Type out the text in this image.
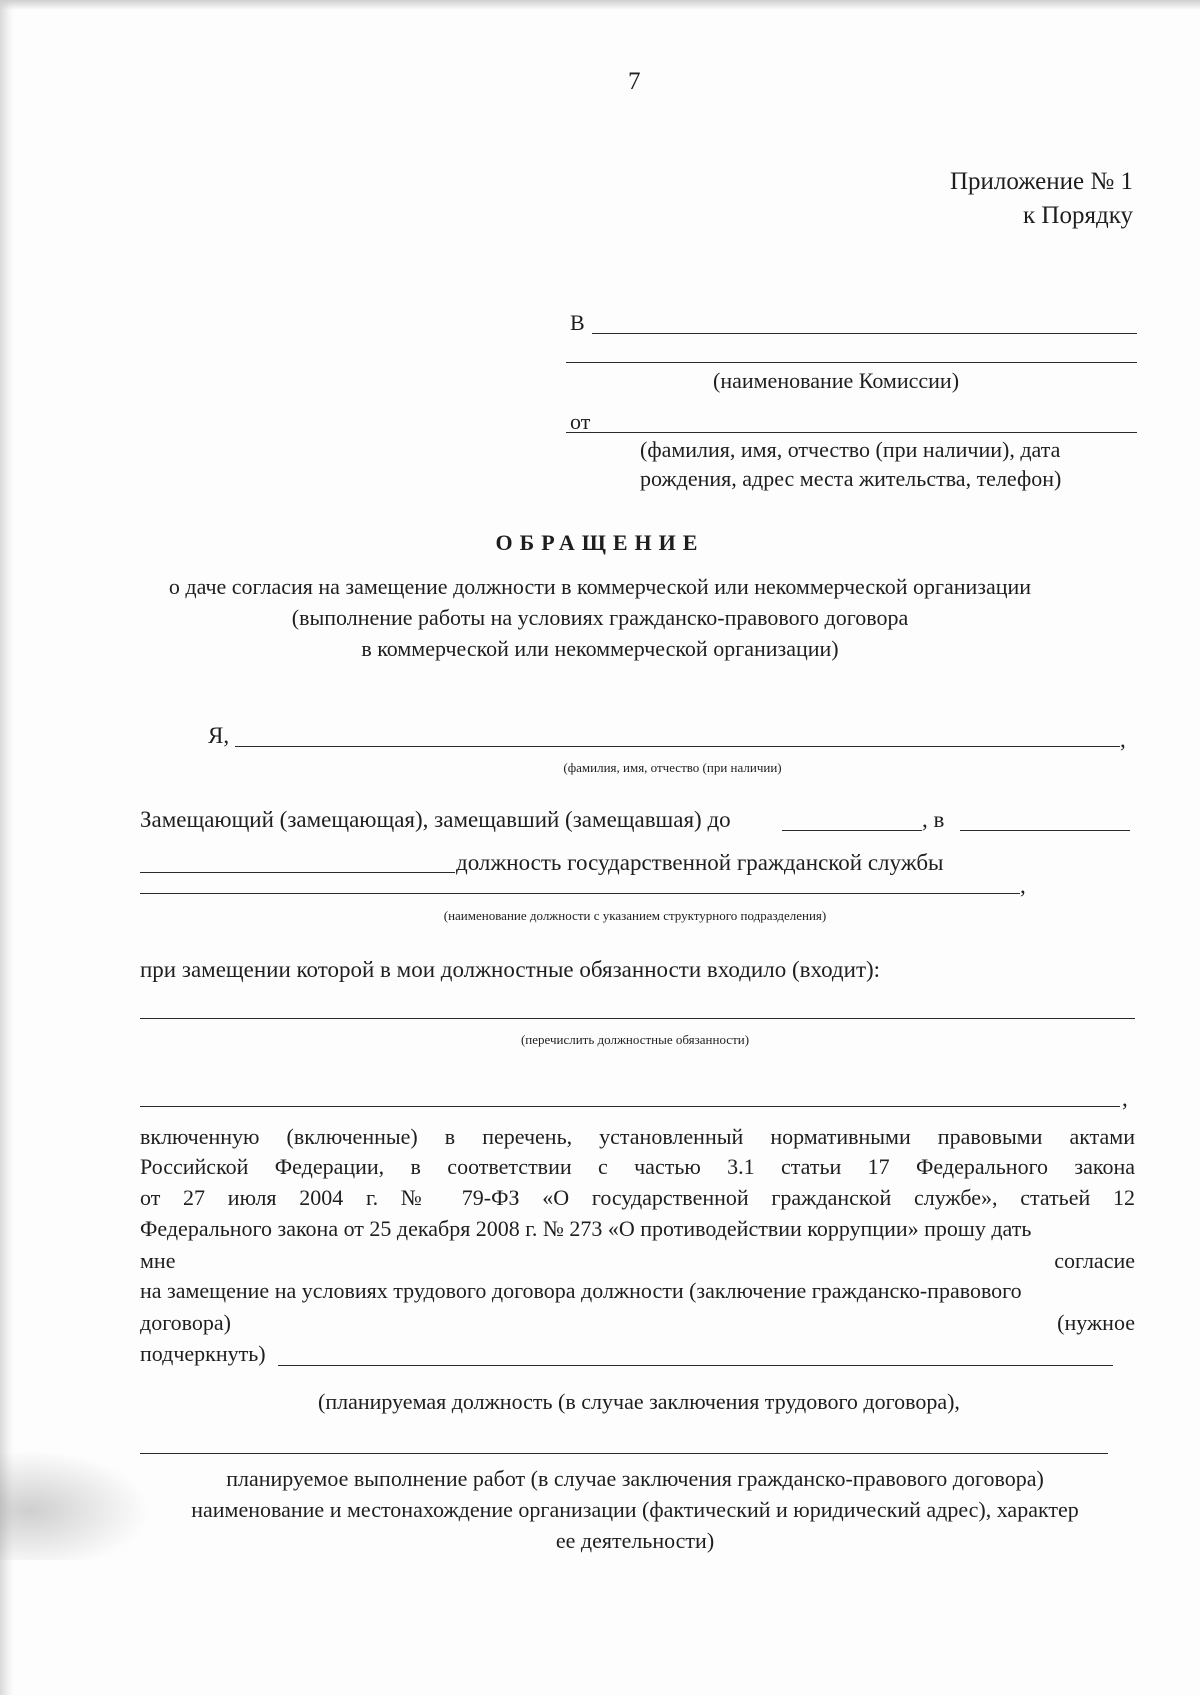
7
Приложение № 1
к Порядку
В
(наименование Комиссии)
от
(фамилия, имя, отчество (при наличии), дата
рождения, адрес места жительства, телефон)
ОБРАЩЕНИЕ
о даче согласия на замещение должности в коммерческой или некоммерческой организации
(выполнение работы на условиях гражданско-правового договора
в коммерческой или некоммерческой организации)
Я,	,
(фамилия, имя, отчество (при наличии)
Замещающий (замещающая), замещавший (замещавшая) до	, в
должность государственной гражданской службы
,
(наименование должности с указанием структурного подразделения)
при замещении которой в мои должностные обязанности входило (входит):
(перечислить должностные обязанности)
,
включенную (включенные) в перечень, установленный нормативными правовыми актами
Российской Федерации, в соответствии с частью 3.1 статьи 17 Федерального закона
от 27 июля 2004 г. № 79-ФЗ «О государственной гражданской службе», статьей 12
Федерального закона от 25 декабря 2008 г. № 273 «О противодействии коррупции» прошу дать
мне	согласие
на замещение на условиях трудового договора должности (заключение гражданско-правового
договора)	(нужное
подчеркнуть)
(планируемая должность (в случае заключения трудового договора),
планируемое выполнение работ (в случае заключения гражданско-правового договора)
наименование и местонахождение организации (фактический и юридический адрес), характер
ее деятельности)
